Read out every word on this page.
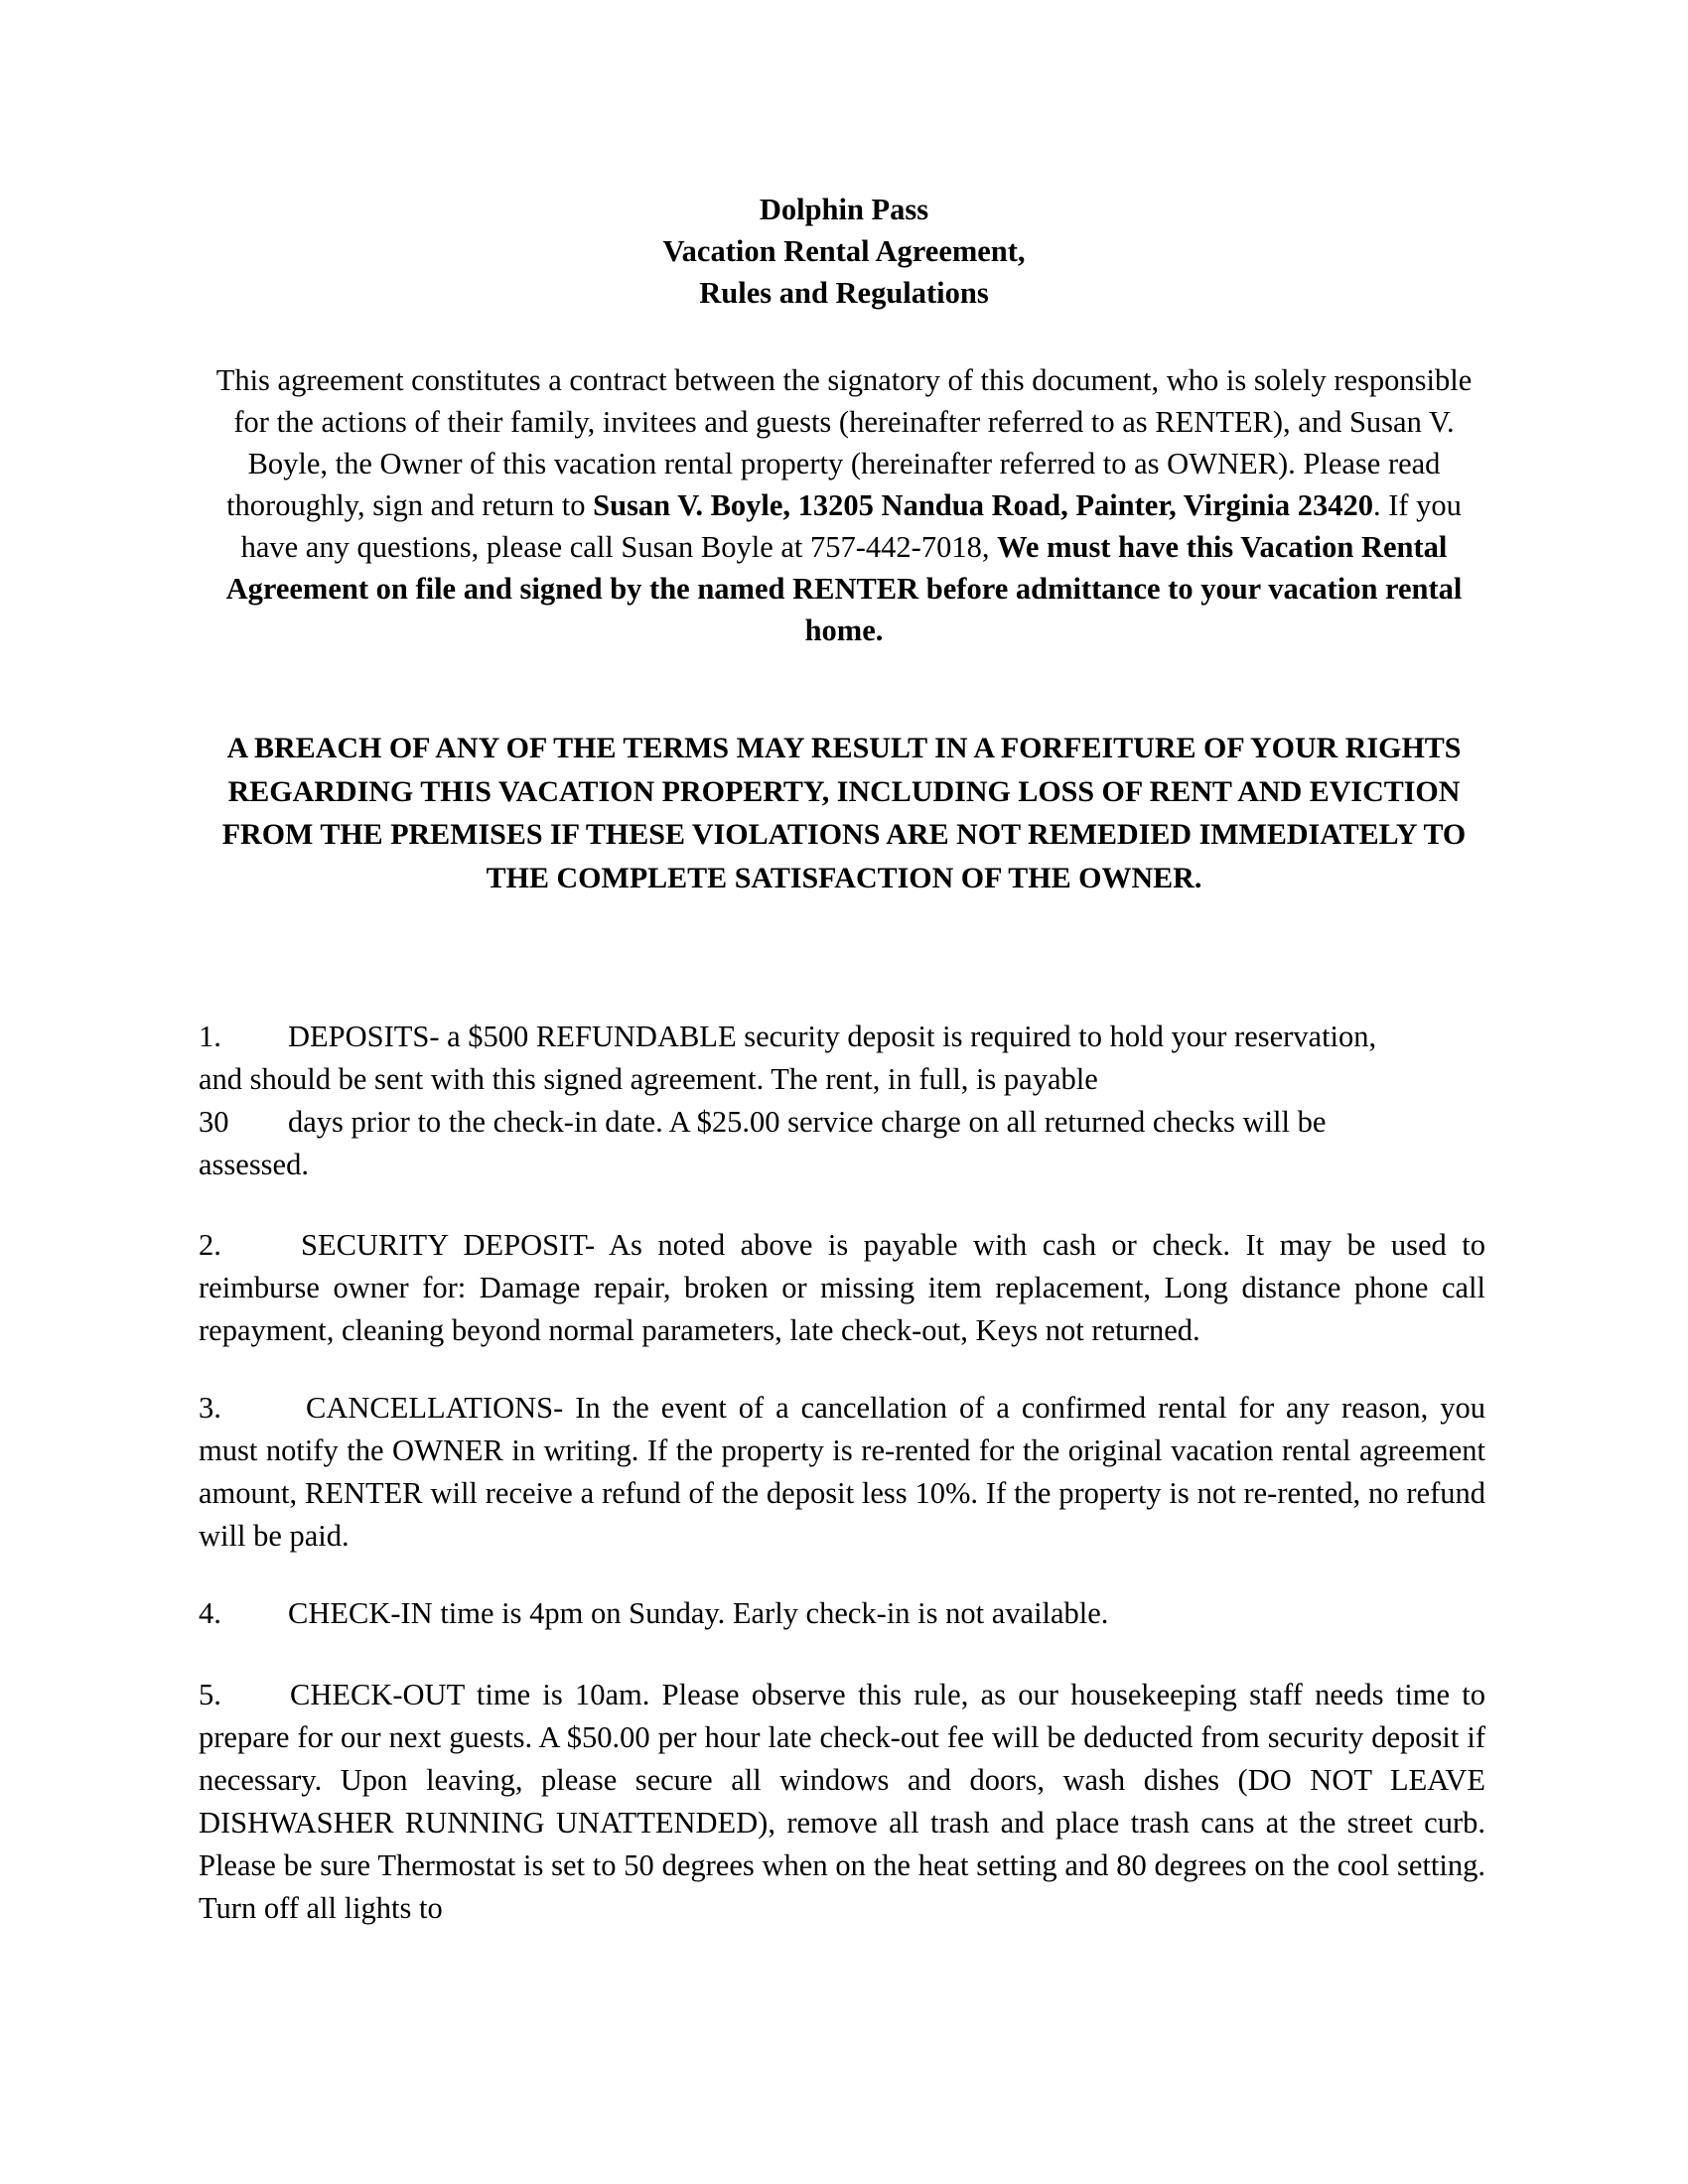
Dolphin Pass
Vacation Rental Agreement,
Rules and Regulations
This agreement constitutes a contract between the signatory of this document, who is solely responsible for the actions of their family, invitees and guests (hereinafter referred to as RENTER), and Susan V. Boyle, the Owner of this vacation rental property (hereinafter referred to as OWNER). Please read thoroughly, sign and return to Susan V. Boyle, 13205 Nandua Road, Painter, Virginia 23420. If you have any questions, please call Susan Boyle at 757-442-7018, We must have this Vacation Rental Agreement on file and signed by the named RENTER before admittance to your vacation rental home.
A BREACH OF ANY OF THE TERMS MAY RESULT IN A FORFEITURE OF YOUR RIGHTS REGARDING THIS VACATION PROPERTY, INCLUDING LOSS OF RENT AND EVICTION FROM THE PREMISES IF THESE VIOLATIONS ARE NOT REMEDIED IMMEDIATELY TO THE COMPLETE SATISFACTION OF THE OWNER.
1. DEPOSITS- a $500 REFUNDABLE security deposit is required to hold your reservation,
and should be sent with this signed agreement. The rent, in full, is payable
30 days prior to the check-in date. A $25.00 service charge on all returned checks will be
assessed.
2.	SECURITY DEPOSIT- As noted above is payable with cash or check. It may be used to reimburse owner for: Damage repair, broken or missing item replacement, Long distance phone call repayment, cleaning beyond normal parameters, late check-out, Keys not returned.
3.	CANCELLATIONS- In the event of a cancellation of a confirmed rental for any reason, you must notify the OWNER in writing. If the property is re-rented for the original vacation rental agreement amount, RENTER will receive a refund of the deposit less 10%. If the property is not re-rented, no refund will be paid.
4. CHECK-IN time is 4pm on Sunday. Early check-in is not available.
5. CHECK-OUT time is 10am. Please observe this rule, as our housekeeping staff needs time to prepare for our next guests. A $50.00 per hour late check-out fee will be deducted from security deposit if necessary. Upon leaving, please secure all windows and doors, wash dishes (DO NOT LEAVE DISHWASHER RUNNING UNATTENDED), remove all trash and place trash cans at the street curb. Please be sure Thermostat is set to 50 degrees when on the heat setting and 80 degrees on the cool setting. Turn off all lights to
